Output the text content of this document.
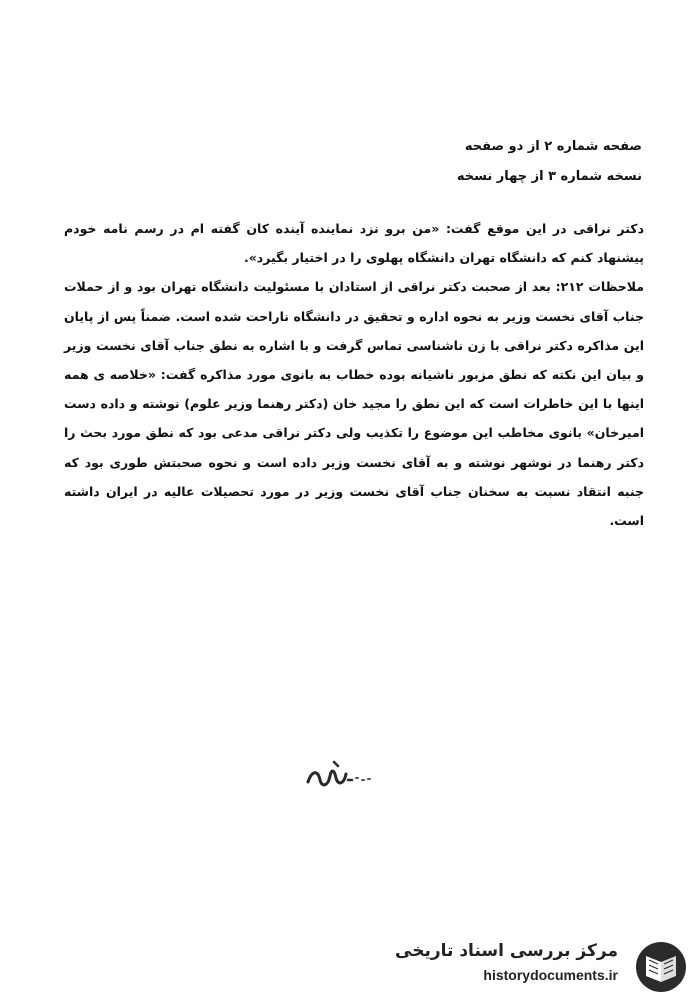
صفحه شماره ۲ از دو صفحه
نسخه شماره ۳ از چهار نسخه

دکتر نراقی در این موقع گفت: «من برو نزد نماینده آینده کان گفته ام در رسم نامه خودم پیشنهاد کنم که دانشگاه تهران دانشگاه پهلوی را در اختیار بگیرد».

ملاحظات ۲۱۲: بعد از صحبت دکتر نراقی از استادان با مسئولیت دانشگاه تهران بود و از حملات جناب آقای نخست وزیر به نحوه اداره و تحقیق در دانشگاه ناراحت شده است. ضمناً پس از پایان این مذاکره دکتر نراقی با زن ناشناسی تماس گرفت و با اشاره به نطق جناب آقای نخست وزیر و بیان این نکته که نطق مزبور ناشیانه بوده خطاب به بانوی مورد مذاکره گفت: «خلاصه ی همه اینها با این خاطرات است که این نطق را مجید خان (دکتر رهنما وزیر علوم) نوشته و داده دست امیرخان» بانوی مخاطب این موضوع را تکذیب ولی دکتر نراقی مدعی بود که نطق مورد بحث را دکتر رهنما در نوشهر نوشته و به آقای نخست وزیر داده است و نحوه صحبتش طوری بود که جنبه انتقاد نسبت به سخنان جناب آقای نخست وزیر در مورد تحصیلات عالیه در ایران داشته است.

مرکز بررسی اسناد تاریخی
historydocuments.ir
